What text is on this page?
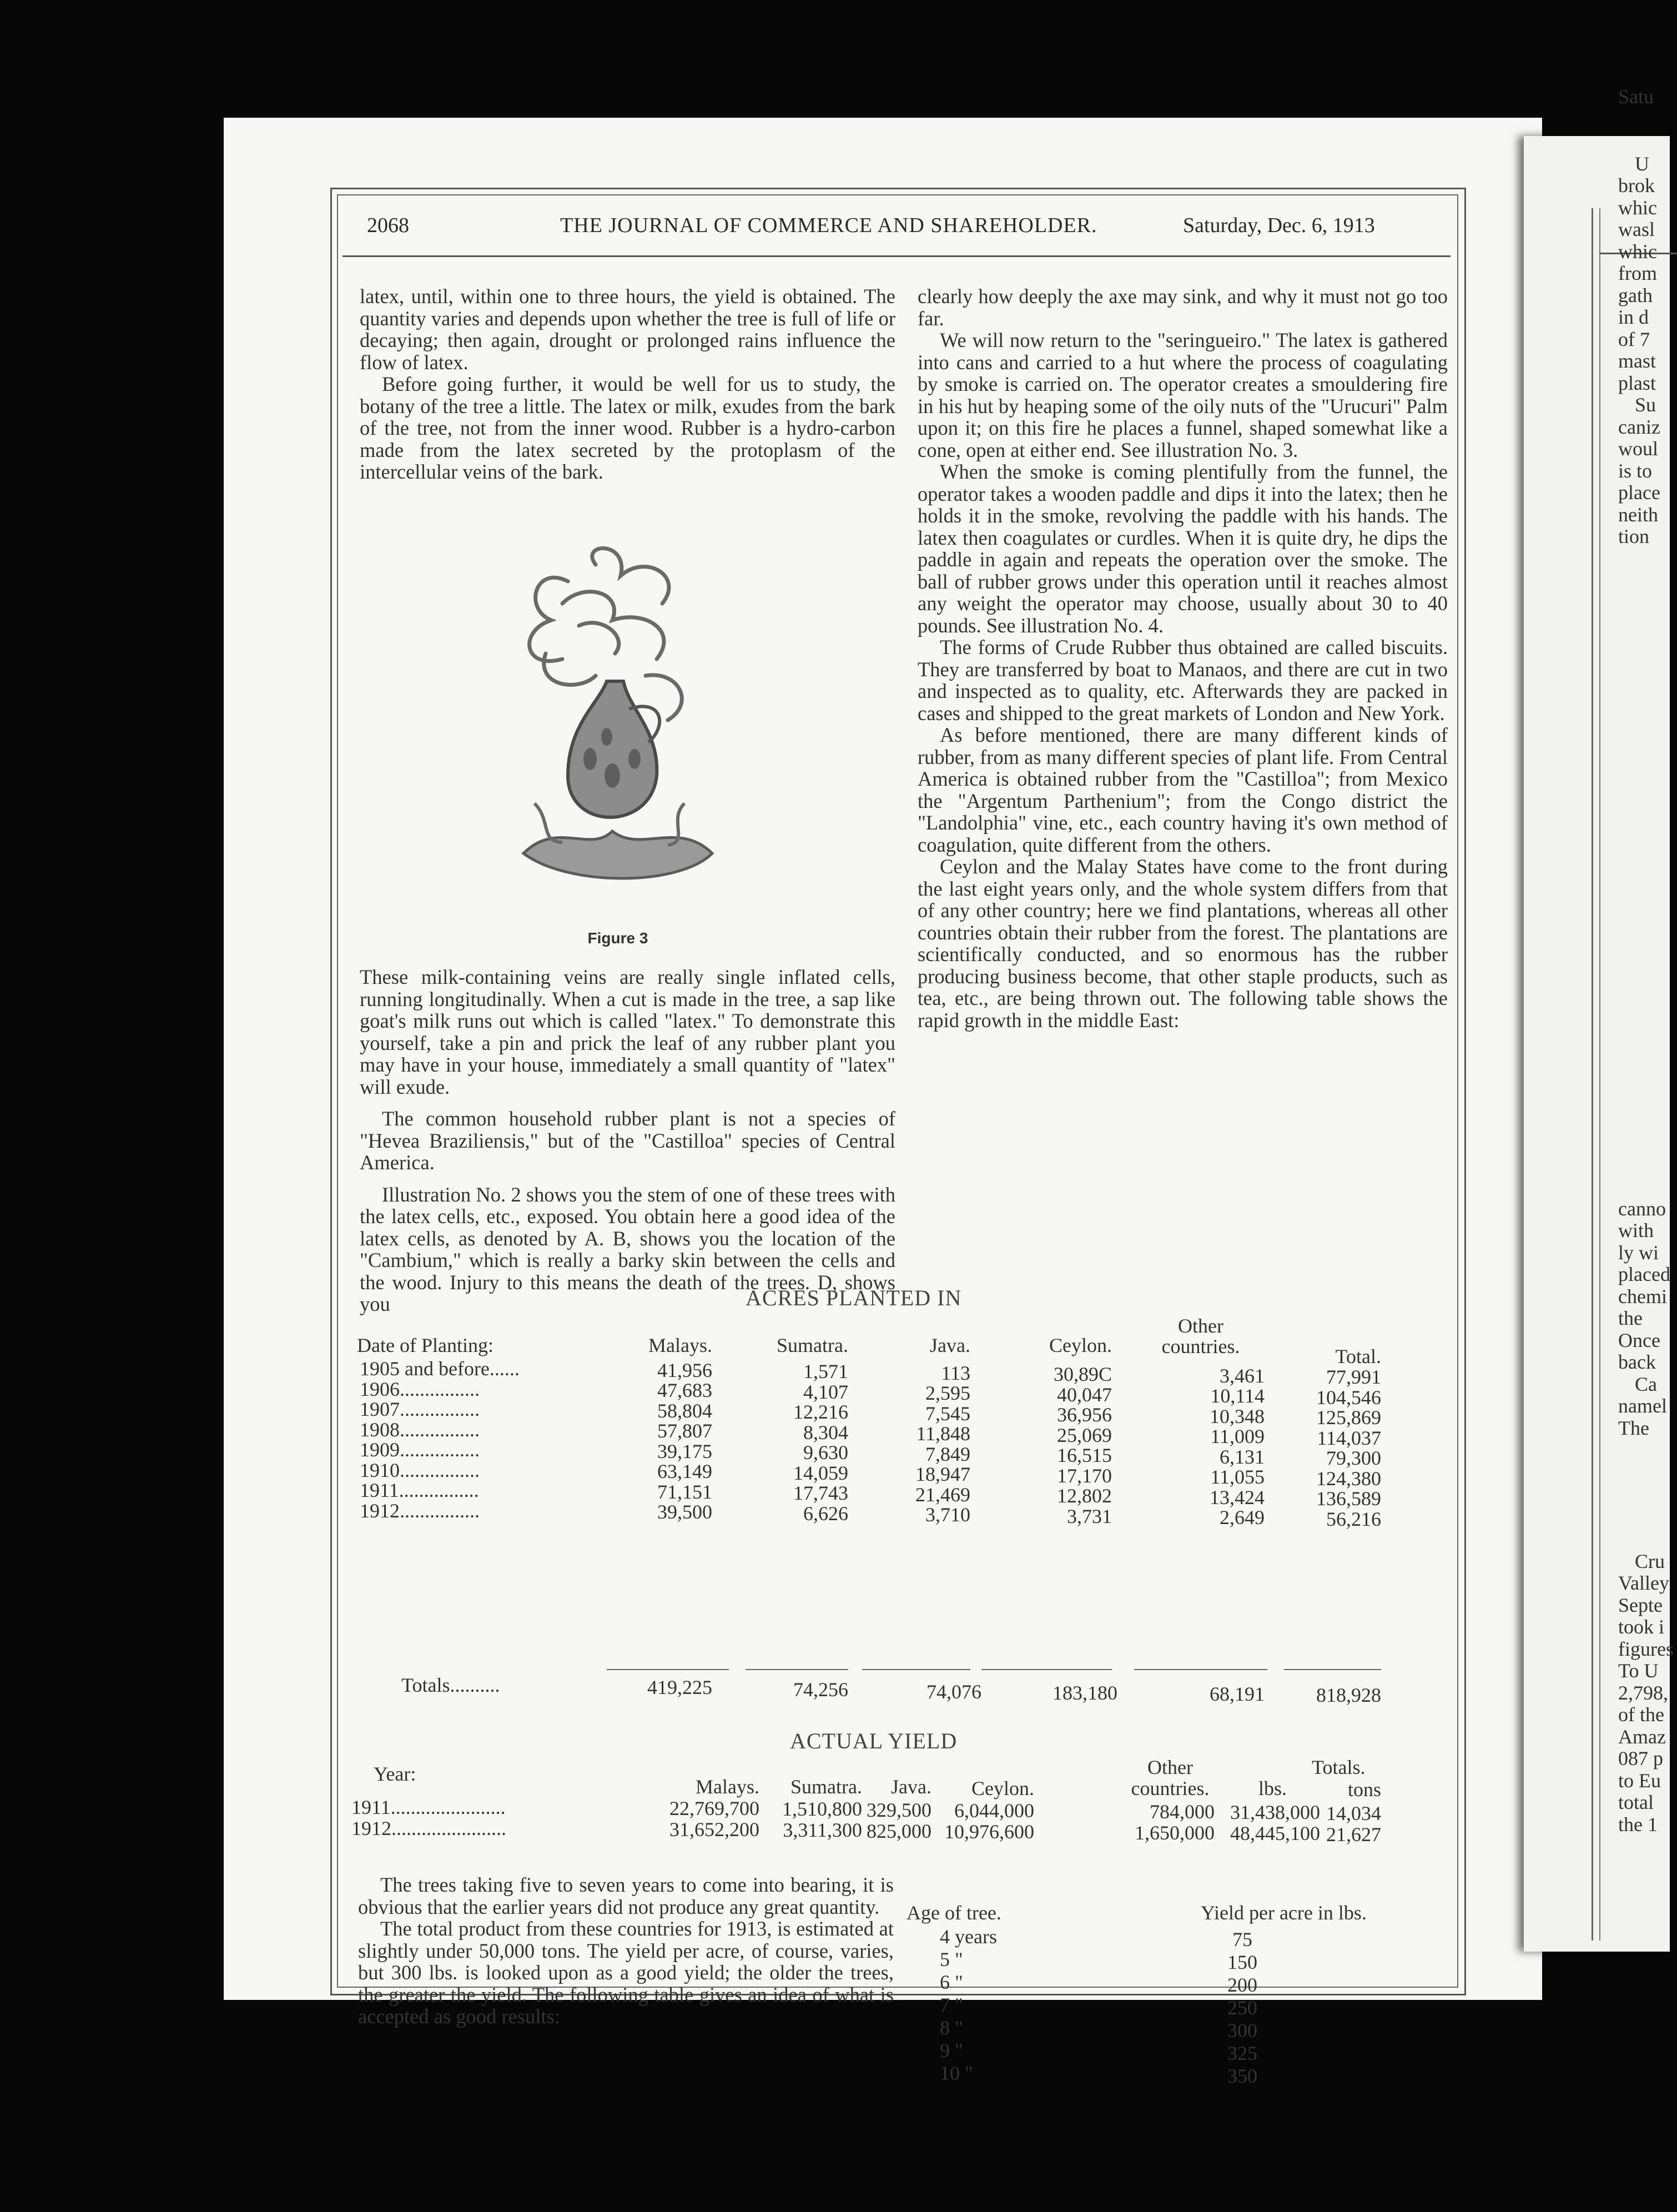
2068	THE JOURNAL OF COMMERCE AND SHAREHOLDER.	Saturday, Dec. 6, 1913

latex, until, within one to three hours, the yield is obtained. The quantity varies and depends upon whether the tree is full of life or decaying; then again, drought or prolonged rains influence the flow of latex.

Before going further, it would be well for us to study, the botany of the tree a little. The latex or milk, exudes from the bark of the tree, not from the inner wood. Rubber is a hydro-carbon made from the latex secreted by the protoplasm of the intercellular veins of the bark.

Figure 3

These milk-containing veins are really single inflated cells, running longitudinally. When a cut is made in the tree, a sap like goat's milk runs out which is called "latex." To demonstrate this yourself, take a pin and prick the leaf of any rubber plant you may have in your house, immediately a small quantity of "latex" will exude.

The common household rubber plant is not a species of "Hevea Braziliensis," but of the "Castilloa" species of Central America.

Illustration No. 2 shows you the stem of one of these trees with the latex cells, etc., exposed. You obtain here a good idea of the latex cells, as denoted by A. B, shows you the location of the "Cambium," which is really a barky skin between the cells and the wood. Injury to this means the death of the trees. D, shows you

clearly how deeply the axe may sink, and why it must not go too far.

We will now return to the "seringueiro." The latex is gathered into cans and carried to a hut where the process of coagulating by smoke is carried on. The operator creates a smouldering fire in his hut by heaping some of the oily nuts of the "Urucuri" Palm upon it; on this fire he places a funnel, shaped somewhat like a cone, open at either end. See illustration No. 3.

When the smoke is coming plentifully from the funnel, the operator takes a wooden paddle and dips it into the latex; then he holds it in the smoke, revolving the paddle with his hands. The latex then coagulates or curdles. When it is quite dry, he dips the paddle in again and repeats the operation over the smoke. The ball of rubber grows under this operation until it reaches almost any weight the operator may choose, usually about 30 to 40 pounds. See illustration No. 4.

The forms of Crude Rubber thus obtained are called biscuits. They are transferred by boat to Manaos, and there are cut in two and inspected as to quality, etc. Afterwards they are packed in cases and shipped to the great markets of London and New York.

As before mentioned, there are many different kinds of rubber, from as many different species of plant life. From Central America is obtained rubber from the "Castilloa"; from Mexico the "Argentum Parthenium"; from the Congo district the "Landolphia" vine, etc., each country having it's own method of coagulation, quite different from the others.

Ceylon and the Malay States have come to the front during the last eight years only, and the whole system differs from that of any other country; here we find plantations, whereas all other countries obtain their rubber from the forest. The plantations are scientifically conducted, and so enormous has the rubber producing business become, that other staple products, such as tea, etc., are being thrown out. The following table shows the rapid growth in the middle East:

ACRES PLANTED IN
Date of Planting:	Malays.	Sumatra.	Java.	Ceylon.
Other
countries.	Total.
1905 and before......	41,956	1,571	113	30,89C	3,461	77,991
1906................	47,683	4,107	2,595	40,047	10,114	104,546
1907................	58,804	12,216	7,545	36,956	10,348	125,869
1908................	57,807	8,304	11,848	25,069	11,009	114,037
1909................	39,175	9,630	7,849	16,515	6,131	79,300
1910................	63,149	14,059	18,947	17,170	11,055	124,380
1911................	71,151	17,743	21,469	12,802	13,424	136,589
1912................	39,500	6,626	3,710	3,731	2,649	56,216
Totals..........	419,225	74,256	74,076	183,180	68,191	818,928
ACTUAL YIELD
Year:
Malays.	Sumatra.	Java.	Ceylon.
Other
countries.
Totals.
lbs.	tons
1911.......................	22,769,700	1,510,800 329,500	6,044,000	784,000 31,438,000 14,034
1912.......................	31,652,200	3,311,300 825,000 10,976,600	1,650,000 48,445,100 21,627

The trees taking five to seven years to come into bearing, it is obvious that the earlier years did not produce any great quantity.

The total product from these countries for 1913, is estimated at slightly under 50,000 tons. The yield per acre, of course, varies, but 300 lbs. is looked upon as a good yield; the older the trees, the greater the yield. The following table gives an idea of what is accepted as good results:

Age of tree.	Yield per acre in lbs.
4 years	75
5 "	150
6 "	200
7 "	250
8 "	300
9 "	325
10 "	350
Satu
U
brok
whic
wasl
whic
from
gath
in d
of 7
mast
plast
Su
caniz
woul
is to
place
neith
tion
canno
with
ly wi
placed
chemi
the
Once
back
Ca
namel
The
Cru
Valley
Septe
took i
figures
To U
2,798,
of the
Amaz
087 p
to Eu
total
the 1
